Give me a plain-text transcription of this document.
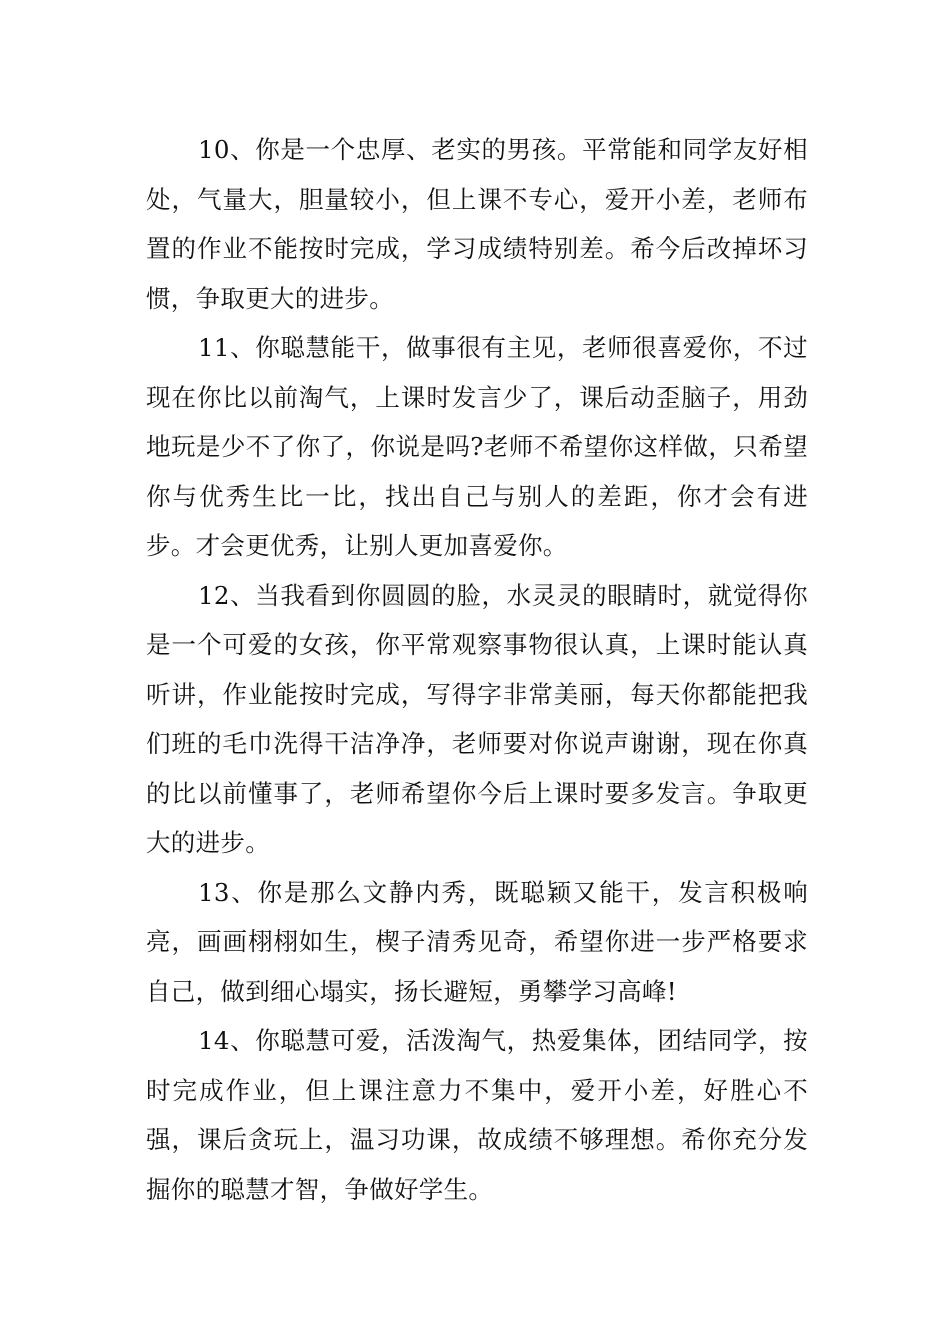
10、你是一个忠厚、老实的男孩。平常能和同学友好相处，气量大，胆量较小，但上课不专心，爱开小差，老师布置的作业不能按时完成，学习成绩特别差。希今后改掉坏习惯，争取更大的进步。

11、你聪慧能干，做事很有主见，老师很喜爱你，不过现在你比以前淘气，上课时发言少了，课后动歪脑子，用劲地玩是少不了你了，你说是吗?老师不希望你这样做，只希望你与优秀生比一比，找出自己与别人的差距，你才会有进步。才会更优秀，让别人更加喜爱你。

12、当我看到你圆圆的脸，水灵灵的眼睛时，就觉得你是一个可爱的女孩，你平常观察事物很认真，上课时能认真听讲，作业能按时完成，写得字非常美丽，每天你都能把我们班的毛巾洗得干洁净净，老师要对你说声谢谢，现在你真的比以前懂事了，老师希望你今后上课时要多发言。争取更大的进步。

13、你是那么文静内秀，既聪颖又能干，发言积极响亮，画画栩栩如生，楔子清秀见奇，希望你进一步严格要求自己，做到细心塌实，扬长避短，勇攀学习高峰!

14、你聪慧可爱，活泼淘气，热爱集体，团结同学，按时完成作业，但上课注意力不集中，爱开小差，好胜心不强，课后贪玩上，温习功课，故成绩不够理想。希你充分发掘你的聪慧才智，争做好学生。
